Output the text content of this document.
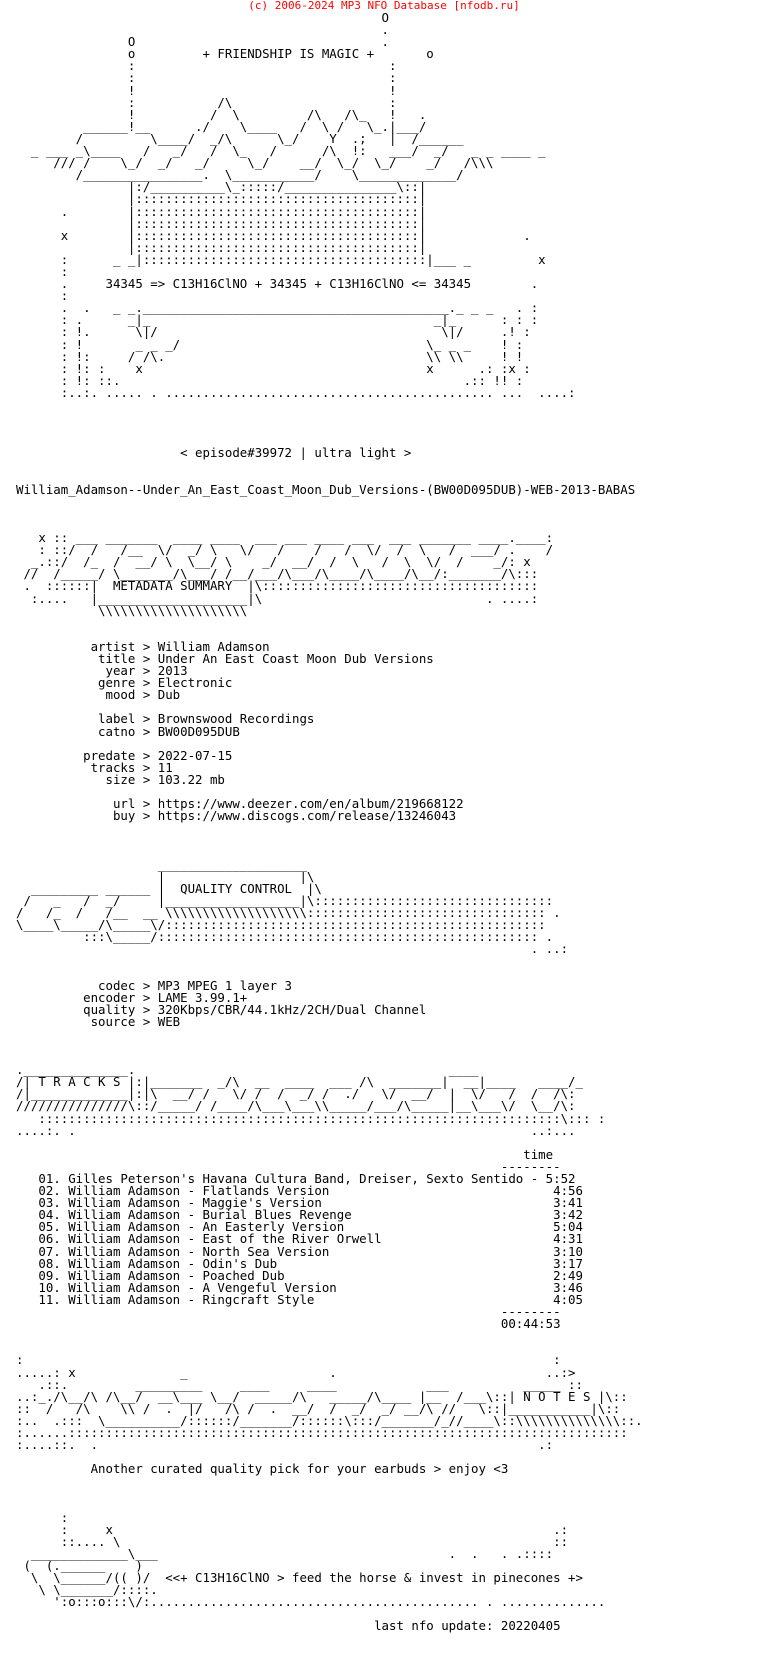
(c) 2006-2024 MP3 NFO Database [nfodb.ru]
O
.
O                                 .
o         + FRIENDSHIP IS MAGIC +       o
:                                  :
:                                  :
!                                  !
:           /\                     :
!          /  \         /\   /\_   !   .
______!__      ./    \____   /  \ /   \_.|___/
/         \____/  _/\      \_/    Y  .;   |  /______
_ ___ _\____   /   _/   /  \_   /      /\  !:   ___/  _/   _ _ ____ _
/// /    \_/  _/   _/     \_/    __/  \_/  \_/    _/   /\\\
/________________.  \___________/    \_____________/
|:/__________\_:::::/_______________\::|
|::::::::::::::::::::::::::::::::::::::|
.        |::::::::::::::::::::::::::::::::::::::|
|::::::::::::::::::::::::::::::::::::::|
x        |::::::::::::::::::::::::::::::::::::::|             .
|::::::::::::::::::::::::::::::::::::::|
:      _ _|::::::::::::::::::::::::::::::::::::::|___ _         x
:
.     34345 => C13H16ClNO + 34345 + C13H16ClNO <= 34345        .
:
.  .   _ _._________________________________________._ _ _   . :
: .      _|_                                      _|_      : : :
: !.      \|/                                      \|/     .! :
: !       _ _ _/                                 \_ _ _    ! :
: !:     / /\.                                   \\ \\     ! !
: !: :    x                                      x      .: :x :
: !: ::.                                              .:: !! :
:..:. ..... . ............................................ ...  ....:

< episode#39972 | ultra light >

William_Adamson--Under_An_East_Coast_Moon_Dub_Versions-(BW00D095DUB)-WEB-2013-BABAS

x :: ___ _______  ____ ____  ___ ___ ____ ___  ___ _______ ____.____:
: ::/  /   /__  \/  _/ \   \/   /    /   /  \/  /  \   /  ___/ .    /
_.::/  /_  /  __/ \  \__/ \    _/  __/  /  \   /  \  \/  /    _/: x
//  /_____/ \_______/\___/ /__/___/\___/\____/\____/\__/:_______/\:::
.  ::::::|  METADATA SUMMARY  |\:::::::::::::::::::::::::::::::::::::
:....   |____________________|\                              . ....:
\\\\\\\\\\\\\\\\\\\\

artist > William Adamson
title > Under An East Coast Moon Dub Versions
year > 2013
genre > Electronic
mood > Dub

label > Brownswood Recordings
catno > BW00D095DUB

predate > 2022-07-15
tracks > 11
size > 103.22 mb

url > https://www.deezer.com/en/album/219668122
buy > https://www.discogs.com/release/13246043

____________________
|                  |\
_________ ______ |  QUALITY CONTROL  |\
/   _   /  _/     |__________________|\::::::::::::::::::::::::::::::::
/   /_  /   /__  __ \\\\\\\\\\\\\\\\\\\:::::::::::::::::::::::::::::::: .
\____\_____/\_____\/:::::::::::::::::::::::::::::::::::::::::::::::::::
:::\_____/::::::::::::::::::::::::::::::::::::::::::::::::::: .
. ..:

codec > MP3 MPEG 1 layer 3
encoder > LAME 3.99.1+
quality > 320Kbps/CBR/44.1kHz/2CH/Dual Channel
source > WEB

.______________.                                          ____
/| T R A C K S |:|_______  _/\  __  ____  ___ /\  _______|  __|____   ____/_
/|_____________|:|\  __/ /   \/ /  /  _/ /  ./   \/  __/  |  \/   /  /  /\:
///////////////\::/_____/ /____/\___\___\\_____/___/\_____|__\___\/  \__/\:
::::::::::::::::::::::::::::::::::::::::::::::::::::::::::::::::::::::\::: :
....:. .                                                             ..:...

time
--------
01. Gilles Peterson's Havana Cultura Band, Dreiser, Sexto Sentido - 5:52
02. William Adamson - Flatlands Version                              4:56
03. William Adamson - Maggie's Version                               3:41
04. William Adamson - Burial Blues Revenge                           3:42
05. William Adamson - An Easterly Version                            5:04
06. William Adamson - East of the River Orwell                       4:31
07. William Adamson - North Sea Version                              3:10
08. William Adamson - Odin's Dub                                     3:17
09. William Adamson - Poached Dub                                    2:49
10. William Adamson - A Vengeful Version                             3:46
11. William Adamson - Ringcraft Style                                4:05
--------
00:44:53

:                                                                       :
.....: x              _                   .                            ..:>
.::.         _________     ____     ____            ___          _____ ::
..:_./\__/\ /\__/  __\___ \__/  _____/\   _____/\____ |__  /___\::| N O T E S |\::
::  /   /\    \\ /  .  |/   /\ /  .  __/  /  _/  _/ __/\ //   \::|___________|\::
:..  .:::  \__________/::::::/_______/::::::\:::/_______/_//____\::\\\\\\\\\\\\\\::.
:......:::::::::::::::::::::::::::::::::::::::::::::::::::::::::::::::::::::::::::
:....::.  .                                                           .:

Another curated quality pick for your earbuds > enjoy <3

:
:     x                                                           .:
::.... \                                                          ::
_____________\___                                       .  .   . .::::
(  (.______    )
\  \______/(( )/  <<+ C13H16ClNO > feed the horse & invest in pinecones +>
\ \_______/::::.
':o:::o:::\/:............................................ . ..............

last nfo update: 20220405
